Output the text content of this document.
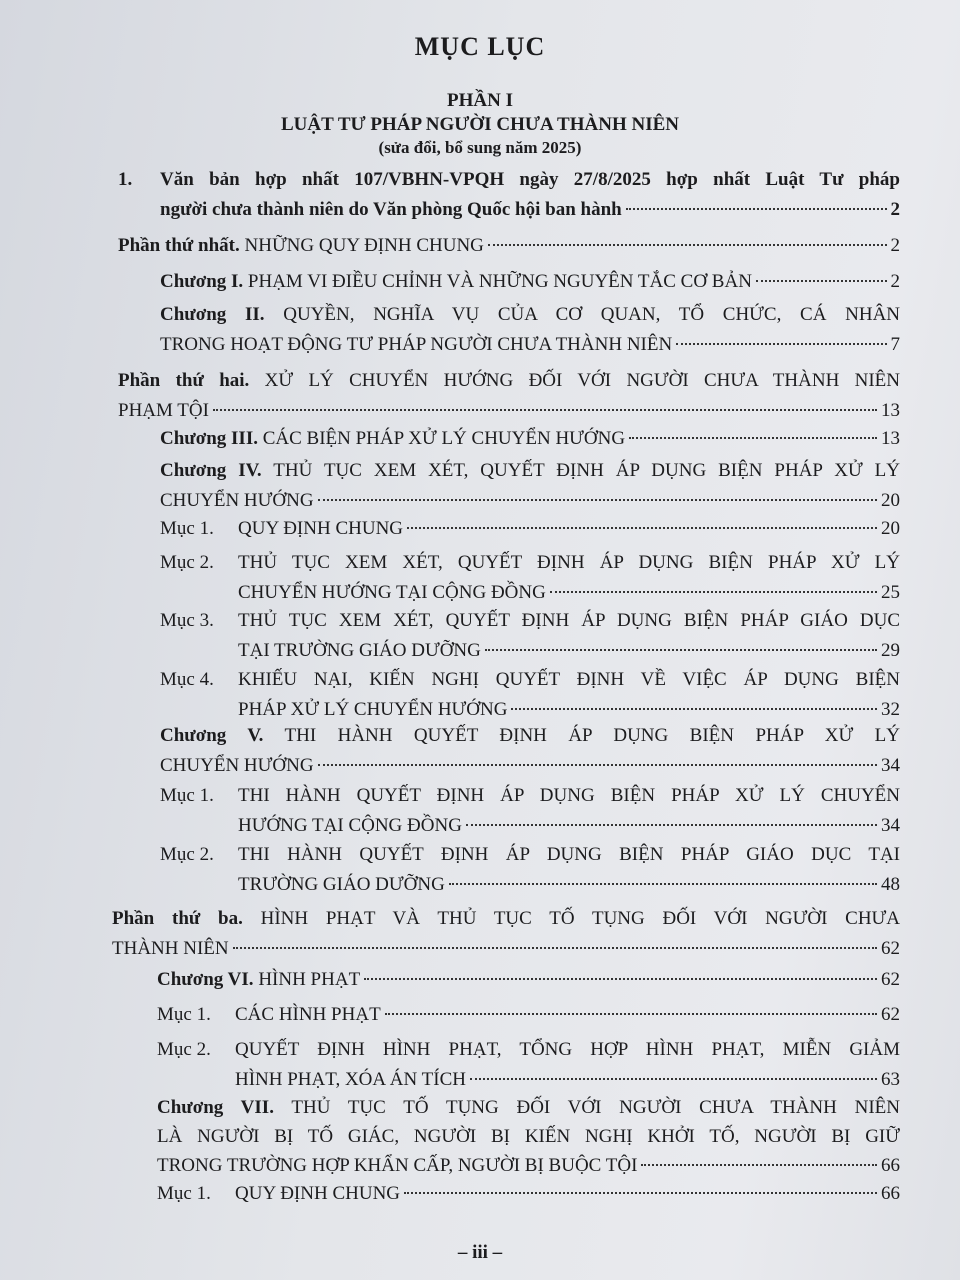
MỤC LỤC
PHẦN I
LUẬT TƯ PHÁP NGƯỜI CHƯA THÀNH NIÊN
(sửa đổi, bổ sung năm 2025)
1. Văn bản hợp nhất 107/VBHN-VPQH ngày 27/8/2025 hợp nhất Luật Tư pháp
người chưa thành niên do Văn phòng Quốc hội ban hành	2
Phần thứ nhất. NHỮNG QUY ĐỊNH CHUNG	2
Chương I. PHẠM VI ĐIỀU CHỈNH VÀ NHỮNG NGUYÊN TẮC CƠ BẢN	2
Chương II. QUYỀN, NGHĨA VỤ CỦA CƠ QUAN, TỔ CHỨC, CÁ NHÂN
TRONG HOẠT ĐỘNG TƯ PHÁP NGƯỜI CHƯA THÀNH NIÊN	7
Phần thứ hai. XỬ LÝ CHUYỂN HƯỚNG ĐỐI VỚI NGƯỜI CHƯA THÀNH NIÊN
PHẠM TỘI	13
Chương III. CÁC BIỆN PHÁP XỬ LÝ CHUYỂN HƯỚNG	13
Chương IV. THỦ TỤC XEM XÉT, QUYẾT ĐỊNH ÁP DỤNG BIỆN PHÁP XỬ LÝ
CHUYỂN HƯỚNG	20
Mục 1. QUY ĐỊNH CHUNG	20
Mục 2. THỦ TỤC XEM XÉT, QUYẾT ĐỊNH ÁP DỤNG BIỆN PHÁP XỬ LÝ
CHUYỂN HƯỚNG TẠI CỘNG ĐỒNG	25
Mục 3. THỦ TỤC XEM XÉT, QUYẾT ĐỊNH ÁP DỤNG BIỆN PHÁP GIÁO DỤC
TẠI TRƯỜNG GIÁO DƯỠNG	29
Mục 4. KHIẾU NẠI, KIẾN NGHỊ QUYẾT ĐỊNH VỀ VIỆC ÁP DỤNG BIỆN
PHÁP XỬ LÝ CHUYỂN HƯỚNG	32
Chương V. THI HÀNH QUYẾT ĐỊNH ÁP DỤNG BIỆN PHÁP XỬ LÝ
CHUYỂN HƯỚNG	34
Mục 1. THI HÀNH QUYẾT ĐỊNH ÁP DỤNG BIỆN PHÁP XỬ LÝ CHUYỂN
HƯỚNG TẠI CỘNG ĐỒNG	34
Mục 2. THI HÀNH QUYẾT ĐỊNH ÁP DỤNG BIỆN PHÁP GIÁO DỤC TẠI
TRƯỜNG GIÁO DƯỠNG	48
Phần thứ ba. HÌNH PHẠT VÀ THỦ TỤC TỐ TỤNG ĐỐI VỚI NGƯỜI CHƯA
THÀNH NIÊN	62
Chương VI. HÌNH PHẠT	62
Mục 1. CÁC HÌNH PHẠT	62
Mục 2. QUYẾT ĐỊNH HÌNH PHẠT, TỔNG HỢP HÌNH PHẠT, MIỄN GIẢM
HÌNH PHẠT, XÓA ÁN TÍCH	63
Chương VII. THỦ TỤC TỐ TỤNG ĐỐI VỚI NGƯỜI CHƯA THÀNH NIÊN
LÀ NGƯỜI BỊ TỐ GIÁC, NGƯỜI BỊ KIẾN NGHỊ KHỞI TỐ, NGƯỜI BỊ GIỮ
TRONG TRƯỜNG HỢP KHẨN CẤP, NGƯỜI BỊ BUỘC TỘI	66
Mục 1. QUY ĐỊNH CHUNG	66
– iii –
